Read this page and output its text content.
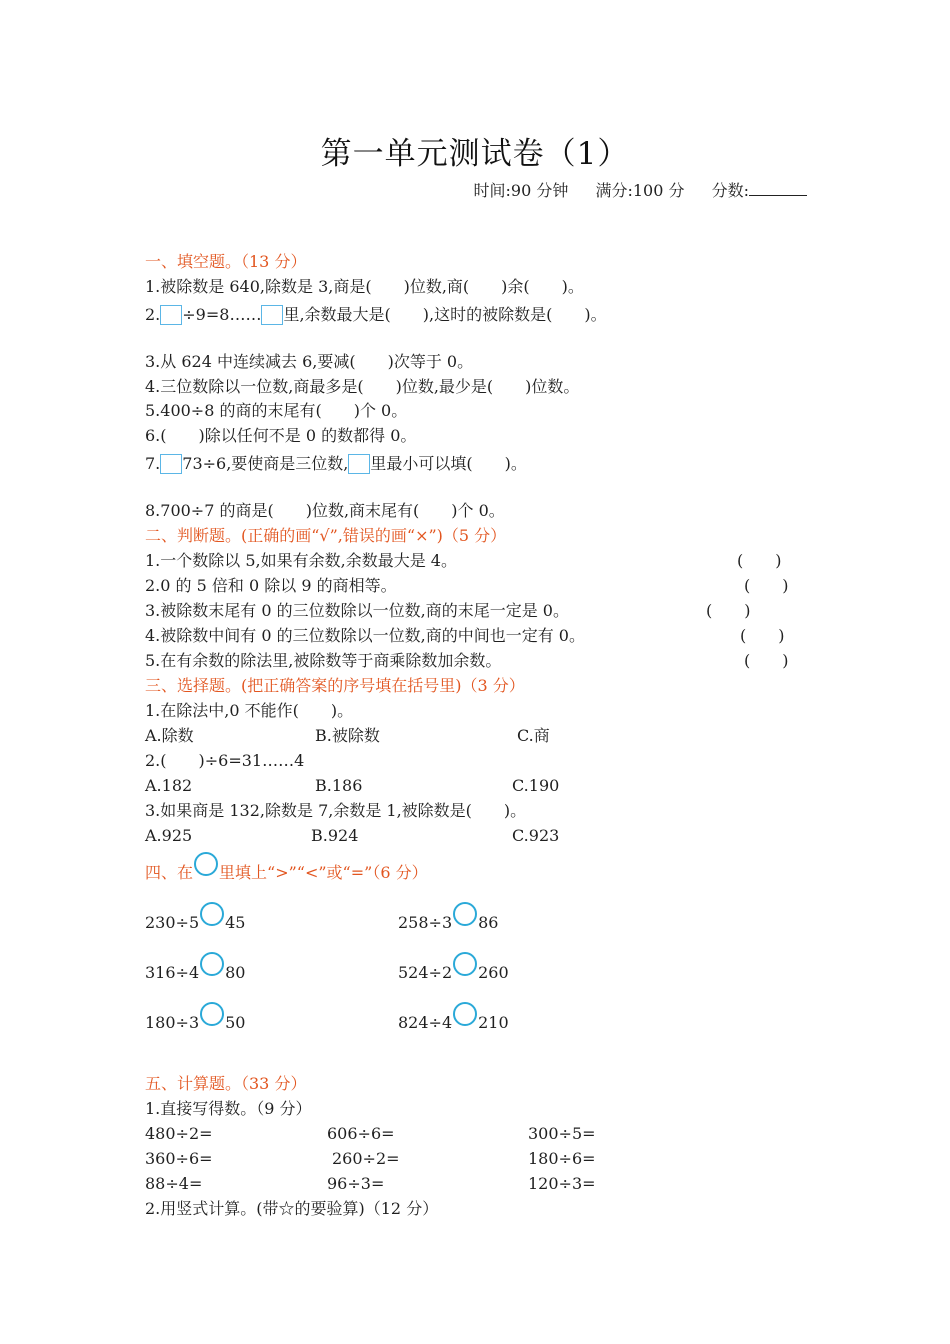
第一单元测试卷（1）
时间:90 分钟 满分:100 分 分数:
一、填空题。（13 分）
1.被除数是 640,除数是 3,商是(　　)位数,商(　　)余(　　)。
2. ÷9=8…… 里,余数最大是(　　),这时的被除数是(　　)。
3.从 624 中连续减去 6,要减(　　)次等于 0。
4.三位数除以一位数,商最多是(　　)位数,最少是(　　)位数。
5.400÷8 的商的末尾有(　　)个 0。
6.(　　)除以任何不是 0 的数都得 0。
7. 73÷6,要使商是三位数, 里最小可以填(　　)。
8.700÷7 的商是(　　)位数,商末尾有(　　)个 0。
二、判断题。(正确的画“√”,错误的画“×”)（5 分）
1.一个数除以 5,如果有余数,余数最大是 4。	(　　)
2.0 的 5 倍和 0 除以 9 的商相等。	(　　)
3.被除数末尾有 0 的三位数除以一位数,商的末尾一定是 0。	(　　)
4.被除数中间有 0 的三位数除以一位数,商的中间也一定有 0。	(　　)
5.在有余数的除法里,被除数等于商乘除数加余数。	(　　)
三、选择题。(把正确答案的序号填在括号里)（3 分）
1.在除法中,0 不能作(　　)。
A.除数	B.被除数	C.商
2.(　　)÷6=31……4
A.182	B.186	C.190
3.如果商是 132,除数是 7,余数是 1,被除数是(　　)。
A.925	B.924	C.923
四、在 里填上“>”“<”或“=”（6 分）
230÷5 45	258÷3 86
316÷4 80	524÷2 260
180÷3 50	824÷4 210
五、计算题。（33 分）
1.直接写得数。（9 分）
480÷2=	606÷6=	300÷5=
360÷6=	260÷2=	180÷6=
88÷4=	96÷3=	120÷3=
2.用竖式计算。(带☆的要验算)（12 分）
